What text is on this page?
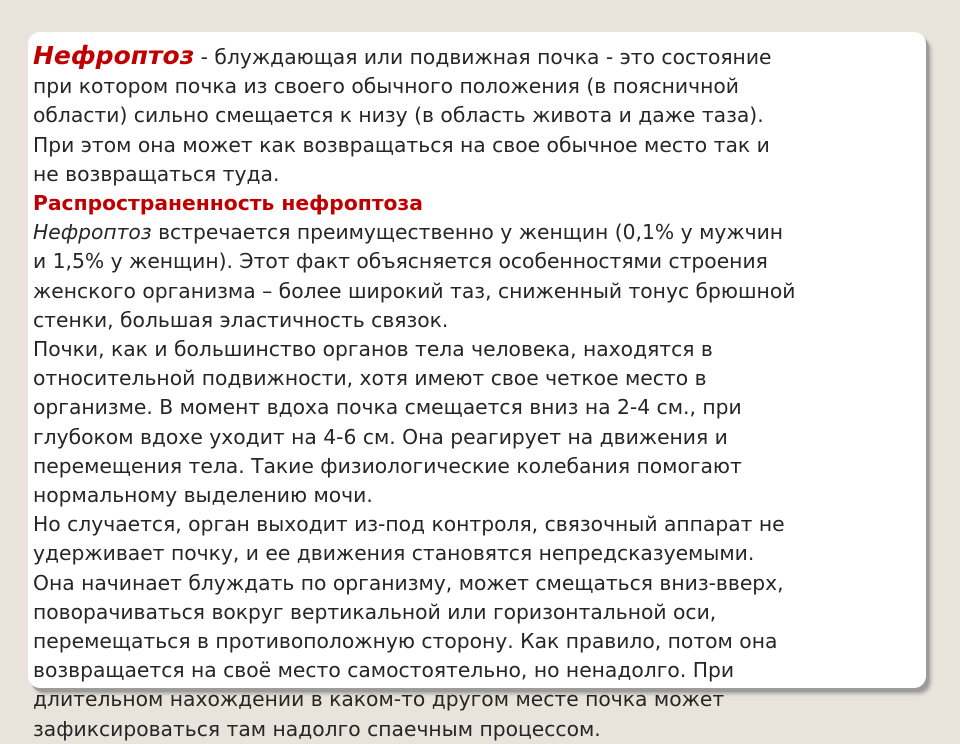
Нефроптоз - блуждающая или подвижная почка - это состояние

при котором почка из своего обычного положения (в поясничной

области) сильно смещается к низу (в область живота и даже таза).

При этом она может как возвращаться на свое обычное место так и

не возвращаться туда.

Распространенность нефроптоза

Нефроптоз встречается преимущественно у женщин (0,1% у мужчин

и 1,5% у женщин). Этот факт объясняется особенностями строения

женского организма – более широкий таз, сниженный тонус брюшной

стенки, большая эластичность связок.

Почки, как и большинство органов тела человека, находятся в

относительной подвижности, хотя имеют свое четкое место в

организме. В момент вдоха почка смещается вниз на 2-4 см., при

глубоком вдохе уходит на 4-6 см. Она реагирует на движения и

перемещения тела. Такие физиологические колебания помогают

нормальному выделению мочи.

Но случается, орган выходит из-под контроля, связочный аппарат не

удерживает почку, и ее движения становятся непредсказуемыми.

Она начинает блуждать по организму, может смещаться вниз-вверх,

поворачиваться вокруг вертикальной или горизонтальной оси,

перемещаться в противоположную сторону. Как правило, потом она

возвращается на своё место самостоятельно, но ненадолго. При

длительном нахождении в каком-то другом месте почка может

зафиксироваться там надолго спаечным процессом.
